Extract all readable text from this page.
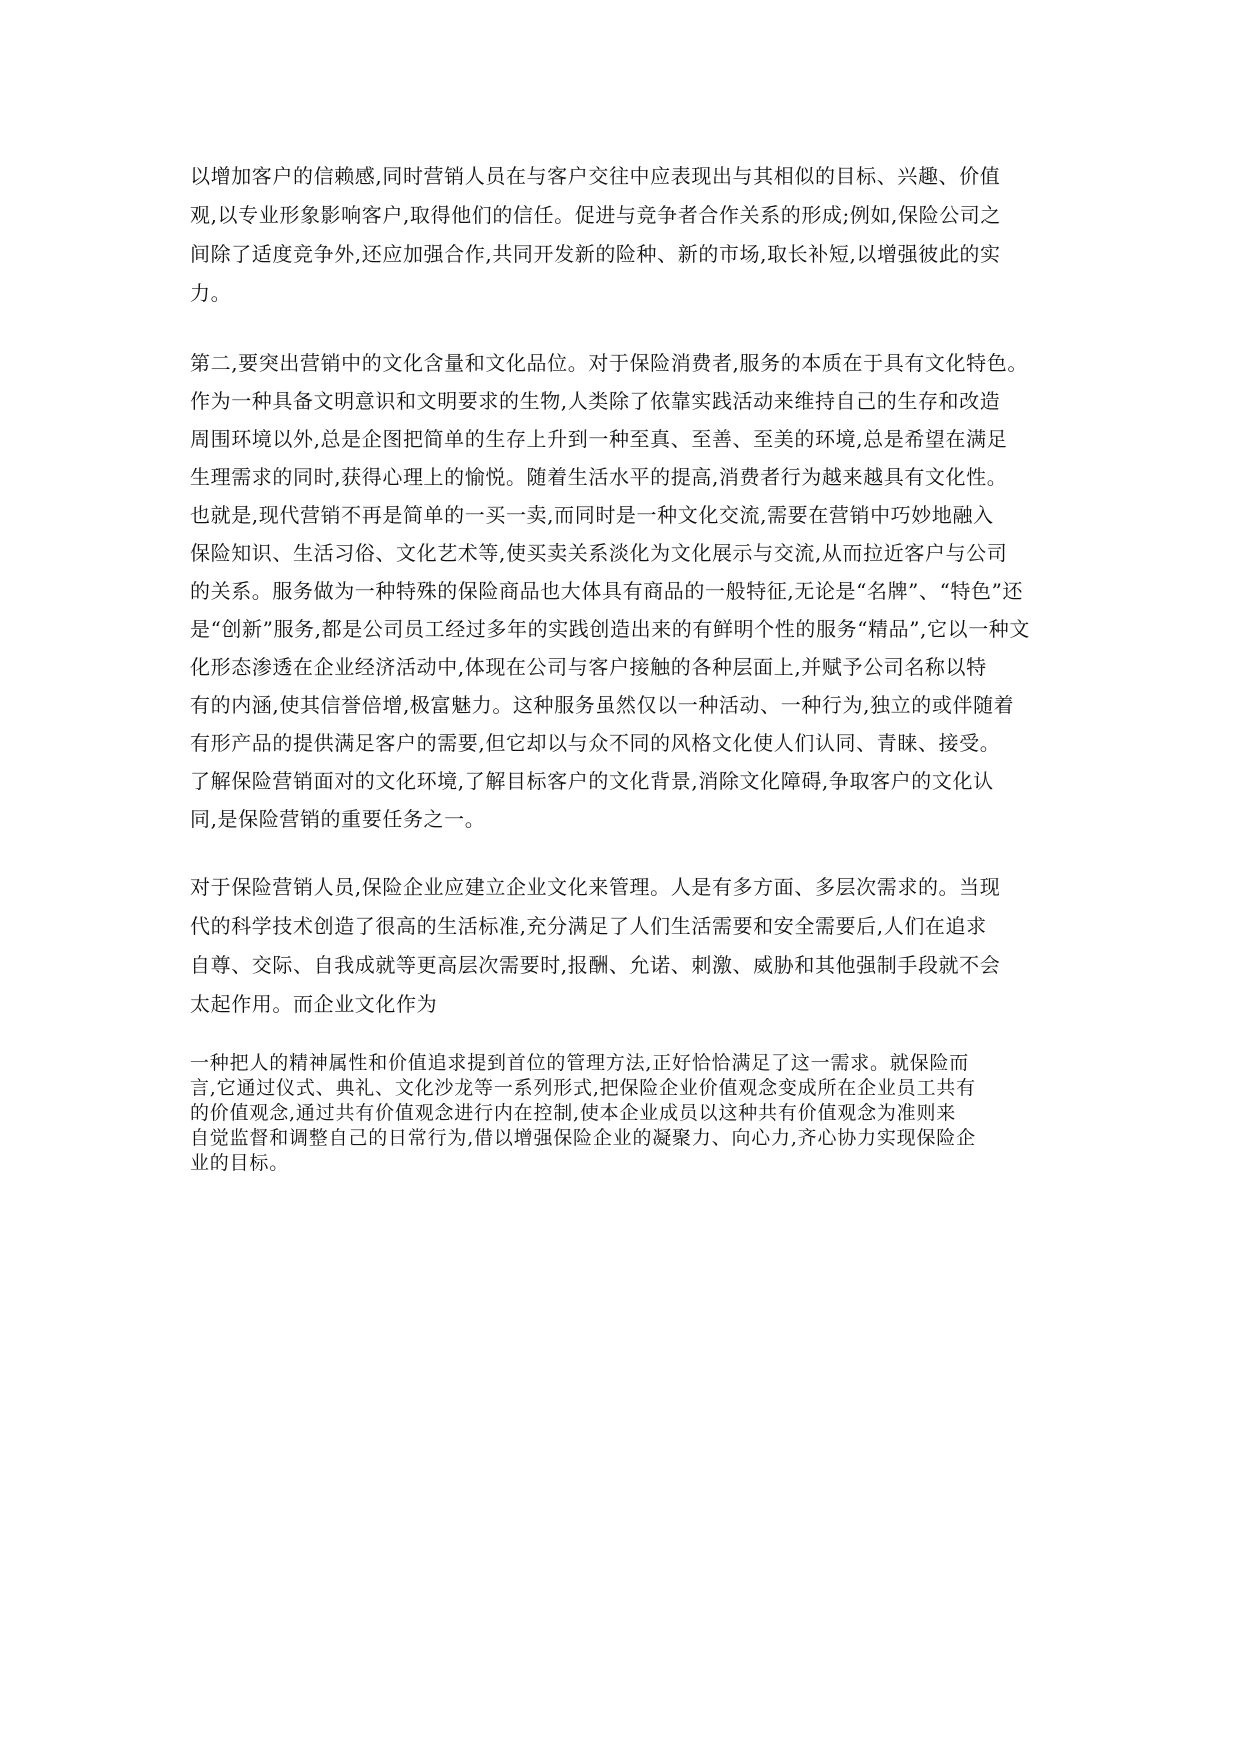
以增加客户的信赖感,同时营销人员在与客户交往中应表现出与其相似的目标、兴趣、价值
观,以专业形象影响客户,取得他们的信任。促进与竞争者合作关系的形成;例如,保险公司之
间除了适度竞争外,还应加强合作,共同开发新的险种、新的市场,取长补短,以增强彼此的实
力。
第二,要突出营销中的文化含量和文化品位。对于保险消费者,服务的本质在于具有文化特色。
作为一种具备文明意识和文明要求的生物,人类除了依靠实践活动来维持自己的生存和改造
周围环境以外,总是企图把简单的生存上升到一种至真、至善、至美的环境,总是希望在满足
生理需求的同时,获得心理上的愉悦。随着生活水平的提高,消费者行为越来越具有文化性。
也就是,现代营销不再是简单的一买一卖,而同时是一种文化交流,需要在营销中巧妙地融入
保险知识、生活习俗、文化艺术等,使买卖关系淡化为文化展示与交流,从而拉近客户与公司
的关系。服务做为一种特殊的保险商品也大体具有商品的一般特征,无论是“名牌”、“特色”还
是“创新”服务,都是公司员工经过多年的实践创造出来的有鲜明个性的服务“精品”,它以一种文
化形态渗透在企业经济活动中,体现在公司与客户接触的各种层面上,并赋予公司名称以特
有的内涵,使其信誉倍增,极富魅力。这种服务虽然仅以一种活动、一种行为,独立的或伴随着
有形产品的提供满足客户的需要,但它却以与众不同的风格文化使人们认同、青睐、接受。
了解保险营销面对的文化环境,了解目标客户的文化背景,消除文化障碍,争取客户的文化认
同,是保险营销的重要任务之一。
对于保险营销人员,保险企业应建立企业文化来管理。人是有多方面、多层次需求的。当现
代的科学技术创造了很高的生活标准,充分满足了人们生活需要和安全需要后,人们在追求
自尊、交际、自我成就等更高层次需要时,报酬、允诺、刺激、威胁和其他强制手段就不会
太起作用。而企业文化作为
一种把人的精神属性和价值追求提到首位的管理方法,正好恰恰满足了这一需求。就保险而
言,它通过仪式、典礼、文化沙龙等一系列形式,把保险企业价值观念变成所在企业员工共有
的价值观念,通过共有价值观念进行内在控制,使本企业成员以这种共有价值观念为准则来
自觉监督和调整自己的日常行为,借以增强保险企业的凝聚力、向心力,齐心协力实现保险企
业的目标。
